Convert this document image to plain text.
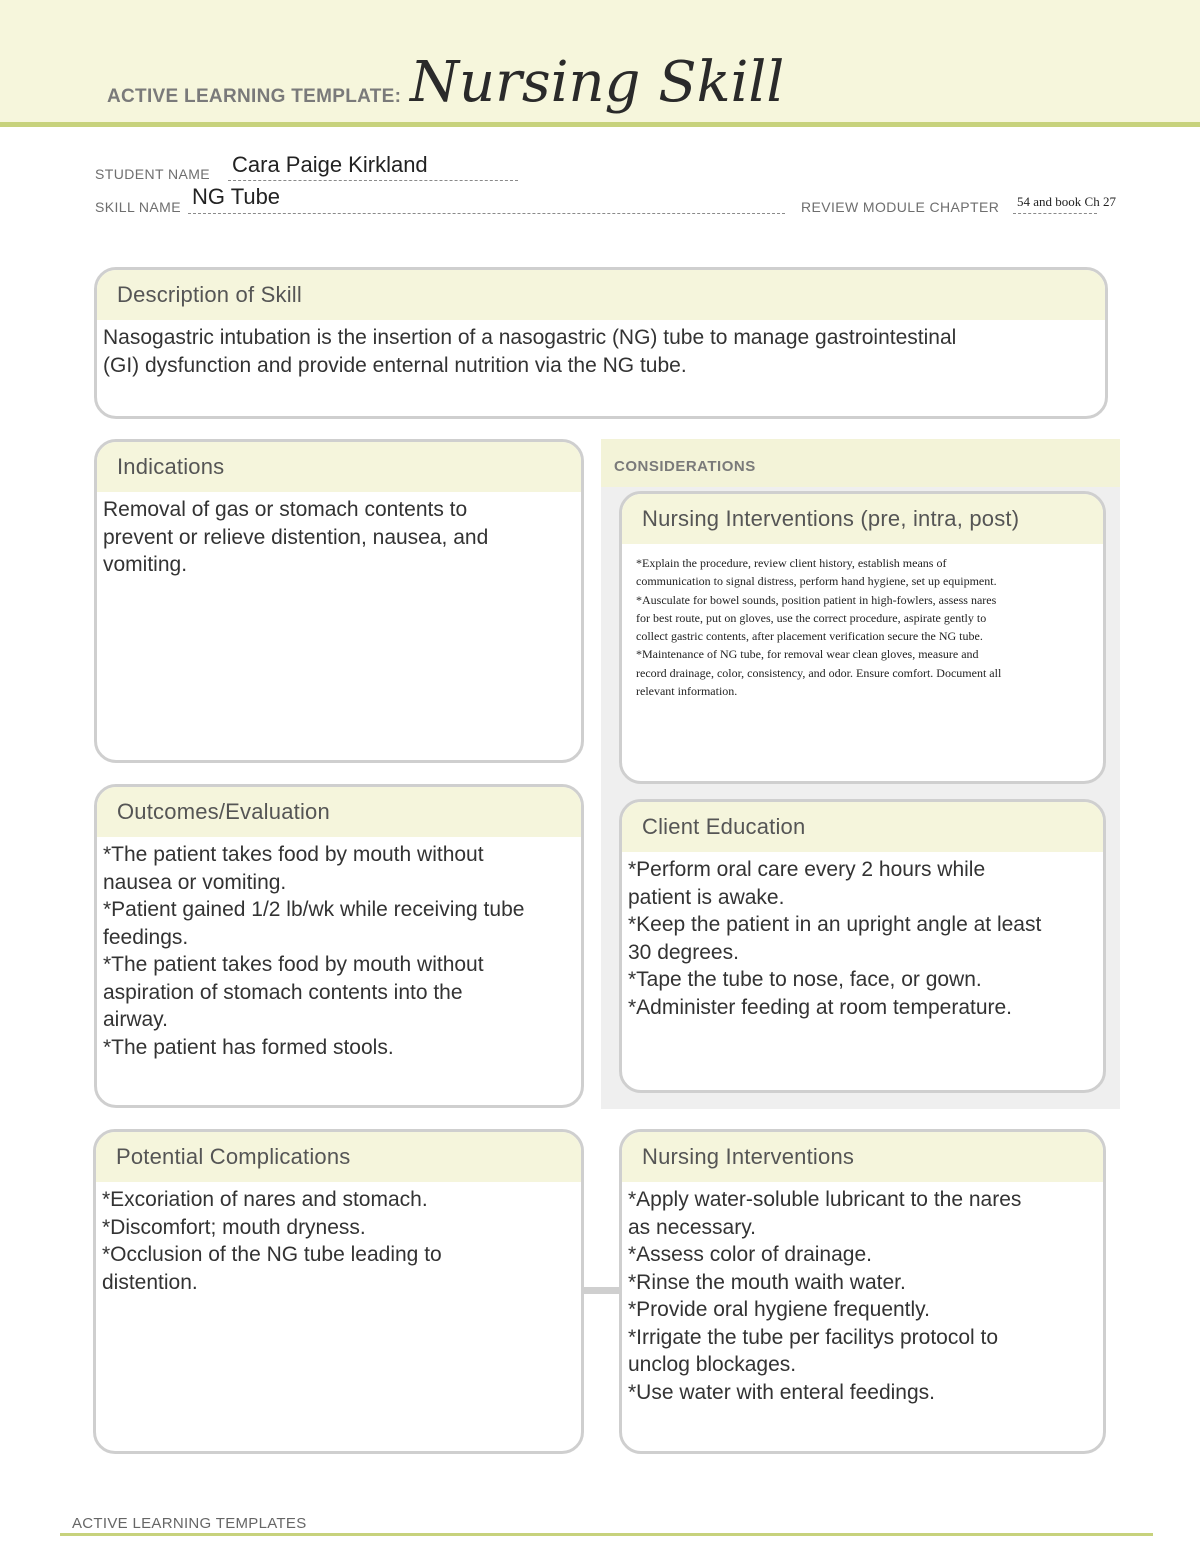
ACTIVE LEARNING TEMPLATE: Nursing Skill
STUDENT NAME Cara Paige Kirkland
SKILL NAME NG Tube	REVIEW MODULE CHAPTER 54 and book Ch 27
Description of Skill
Nasogastric intubation is the insertion of a nasogastric (NG) tube to manage gastrointestinal
(GI) dysfunction and provide enternal nutrition via the NG tube.
CONSIDERATIONS
Indications
Removal of gas or stomach contents to
prevent or relieve distention, nausea, and
vomiting.
Nursing Interventions (pre, intra, post)
*Explain the procedure, review client history, establish means of
communication to signal distress, perform hand hygiene, set up equipment.
*Ausculate for bowel sounds, position patient in high-fowlers, assess nares
for best route, put on gloves, use the correct procedure, aspirate gently to
collect gastric contents, after placement verification secure the NG tube.
*Maintenance of NG tube, for removal wear clean gloves, measure and
record drainage, color, consistency, and odor. Ensure comfort. Document all
relevant information.
Outcomes/Evaluation
*The patient takes food by mouth without
nausea or vomiting.
*Patient gained 1/2 lb/wk while receiving tube
feedings.
*The patient takes food by mouth without
aspiration of stomach contents into the
airway.
*The patient has formed stools.
Client Education
*Perform oral care every 2 hours while
patient is awake.
*Keep the patient in an upright angle at least
30 degrees.
*Tape the tube to nose, face, or gown.
*Administer feeding at room temperature.
Potential Complications
*Excoriation of nares and stomach.
*Discomfort; mouth dryness.
*Occlusion of the NG tube leading to
distention.
Nursing Interventions
*Apply water-soluble lubricant to the nares
as necessary.
*Assess color of drainage.
*Rinse the mouth waith water.
*Provide oral hygiene frequently.
*Irrigate the tube per facilitys protocol to
unclog blockages.
*Use water with enteral feedings.
ACTIVE LEARNING TEMPLATES
